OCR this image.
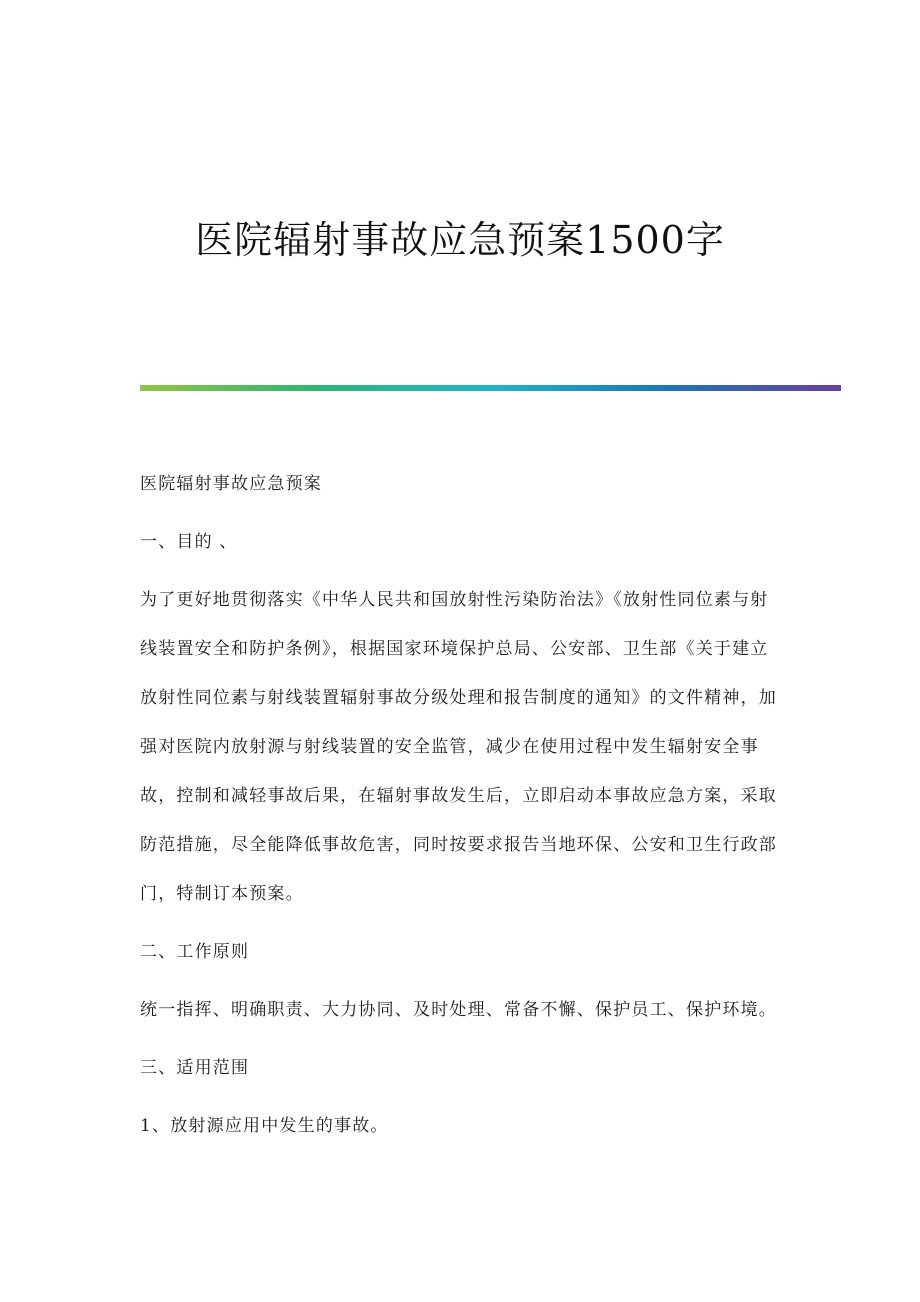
医院辐射事故应急预案1500字

医院辐射事故应急预案

一、目的 、

为了更好地贯彻落实《中华人民共和国放射性污染防治法》《放射性同位素与射线装置安全和防护条例》，根据国家环境保护总局、公安部、卫生部《关于建立放射性同位素与射线装置辐射事故分级处理和报告制度的通知》的文件精神，加强对医院内放射源与射线装置的安全监管，减少在使用过程中发生辐射安全事故，控制和减轻事故后果，在辐射事故发生后，立即启动本事故应急方案，采取防范措施，尽全能降低事故危害，同时按要求报告当地环保、公安和卫生行政部门，特制订本预案。

二、工作原则

统一指挥、明确职责、大力协同、及时处理、常备不懈、保护员工、保护环境。

三、适用范围

1、放射源应用中发生的事故。
